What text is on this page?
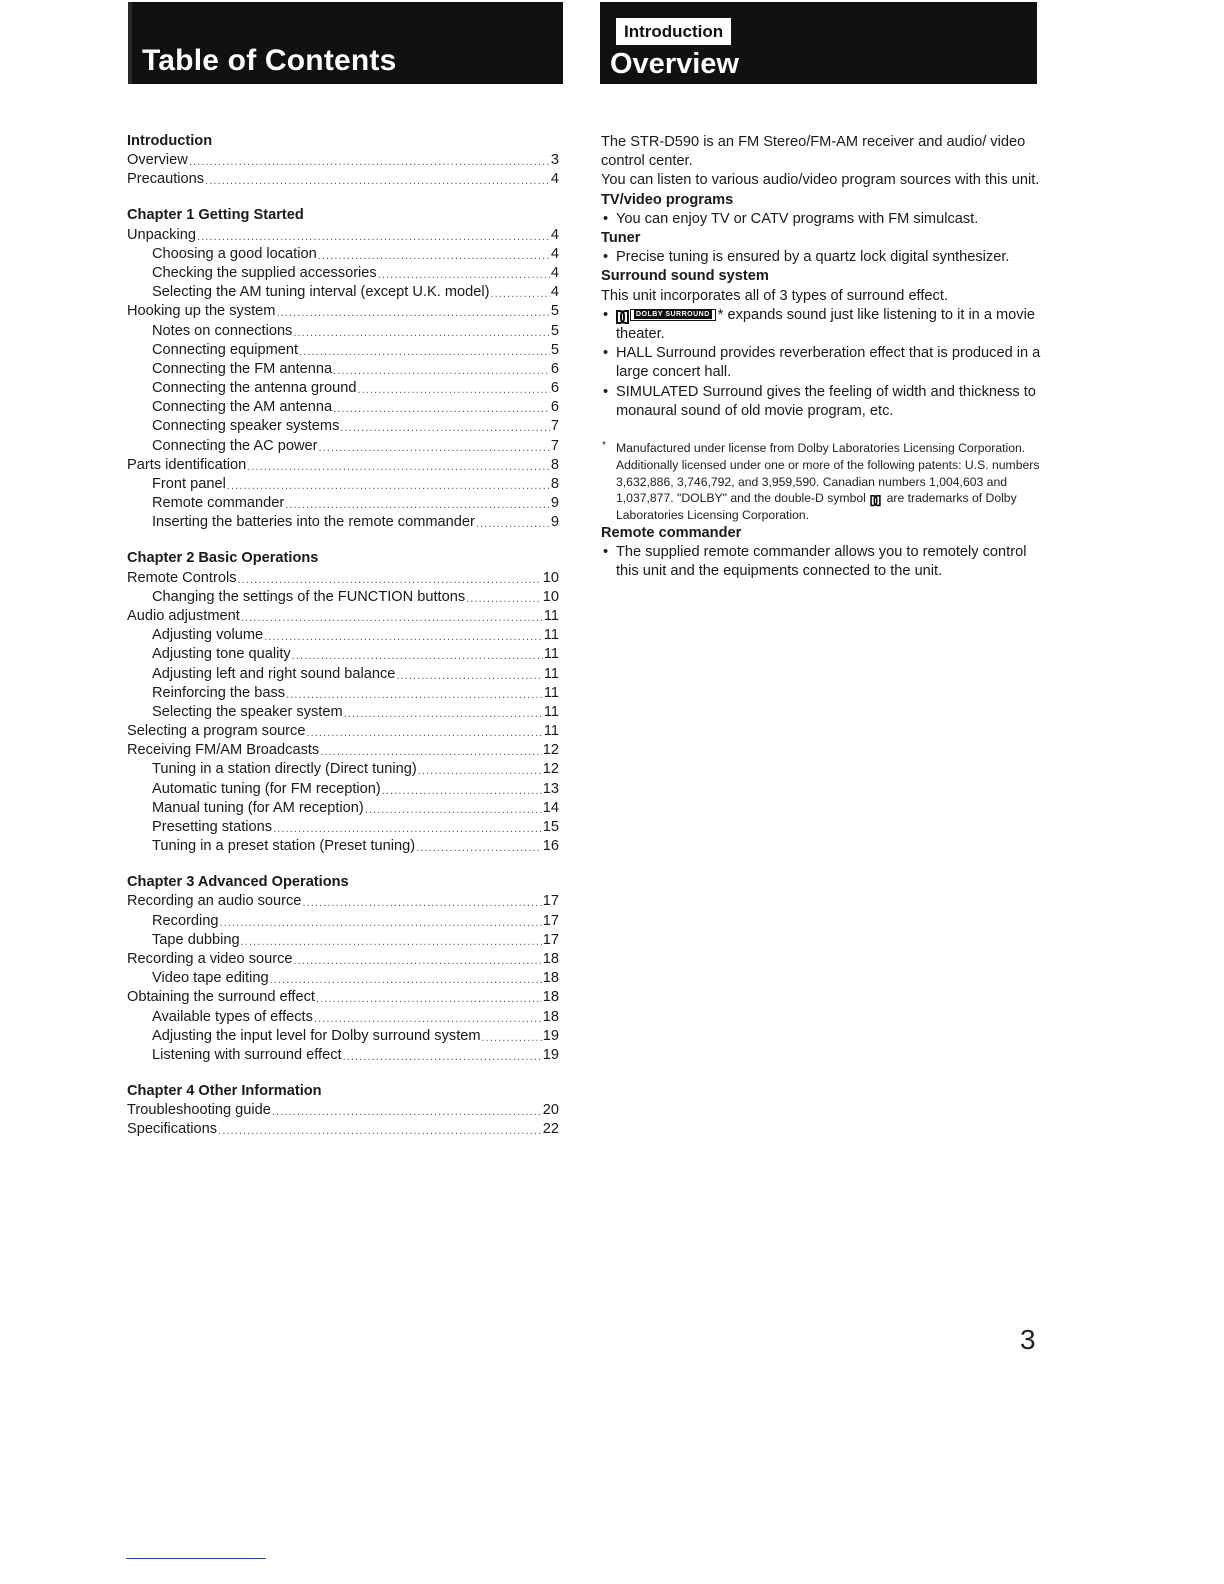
Table of Contents
Introduction
Overview
Introduction
Overview .....	3
Precautions .....	4
Chapter 1 Getting Started
Unpacking .....	4
Choosing a good location .....	4
Checking the supplied accessories .....	4
Selecting the AM tuning interval (except U.K. model) .....	4
Hooking up the system .....	5
Notes on connections .....	5
Connecting equipment .....	5
Connecting the FM antenna .....	6
Connecting the antenna ground .....	6
Connecting the AM antenna .....	6
Connecting speaker systems .....	7
Connecting the AC power .....	7
Parts identification .....	8
Front panel .....	8
Remote commander .....	9
Inserting the batteries into the remote commander .....	9
Chapter 2 Basic Operations
Remote Controls .....	10
Changing the settings of the FUNCTION buttons .....	10
Audio adjustment .....	11
Adjusting volume .....	11
Adjusting tone quality .....	11
Adjusting left and right sound balance .....	11
Reinforcing the bass .....	11
Selecting the speaker system .....	11
Selecting a program source .....	11
Receiving FM/AM Broadcasts .....	12
Tuning in a station directly (Direct tuning) .....	12
Automatic tuning (for FM reception) .....	13
Manual tuning (for AM reception) .....	14
Presetting stations .....	15
Tuning in a preset station (Preset tuning) .....	16
Chapter 3 Advanced Operations
Recording an audio source .....	17
Recording .....	17
Tape dubbing .....	17
Recording a video source .....	18
Video tape editing .....	18
Obtaining the surround effect .....	18
Available types of effects .....	18
Adjusting the input level for Dolby surround system .....	19
Listening with surround effect .....	19
Chapter 4 Other Information
Troubleshooting guide .....	20
Specifications .....	22

The STR-D590 is an FM Stereo/FM-AM receiver and audio/ video control center.

You can listen to various audio/video program sources with this unit.

TV/video programs

• You can enjoy TV or CATV programs with FM simulcast.

Tuner

• Precise tuning is ensured by a quartz lock digital synthesizer.

Surround sound system

This unit incorporates all of 3 types of surround effect.

• DOLBY SURROUND * expands sound just like listening to it in a movie theater.

• HALL Surround provides reverberation effect that is produced in a large concert hall.

• SIMULATED Surround gives the feeling of width and thickness to monaural sound of old movie program, etc.

* Manufactured under license from Dolby Laboratories Licensing Corporation. Additionally licensed under one or more of the following patents: U.S. numbers 3,632,886, 3,746,792, and 3,959,590. Canadian numbers 1,004,603 and 1,037,877. "DOLBY" and the double-D symbol are trademarks of Dolby Laboratories Licensing Corporation.

Remote commander

• The supplied remote commander allows you to remotely control this unit and the equipments connected to the unit.

3
